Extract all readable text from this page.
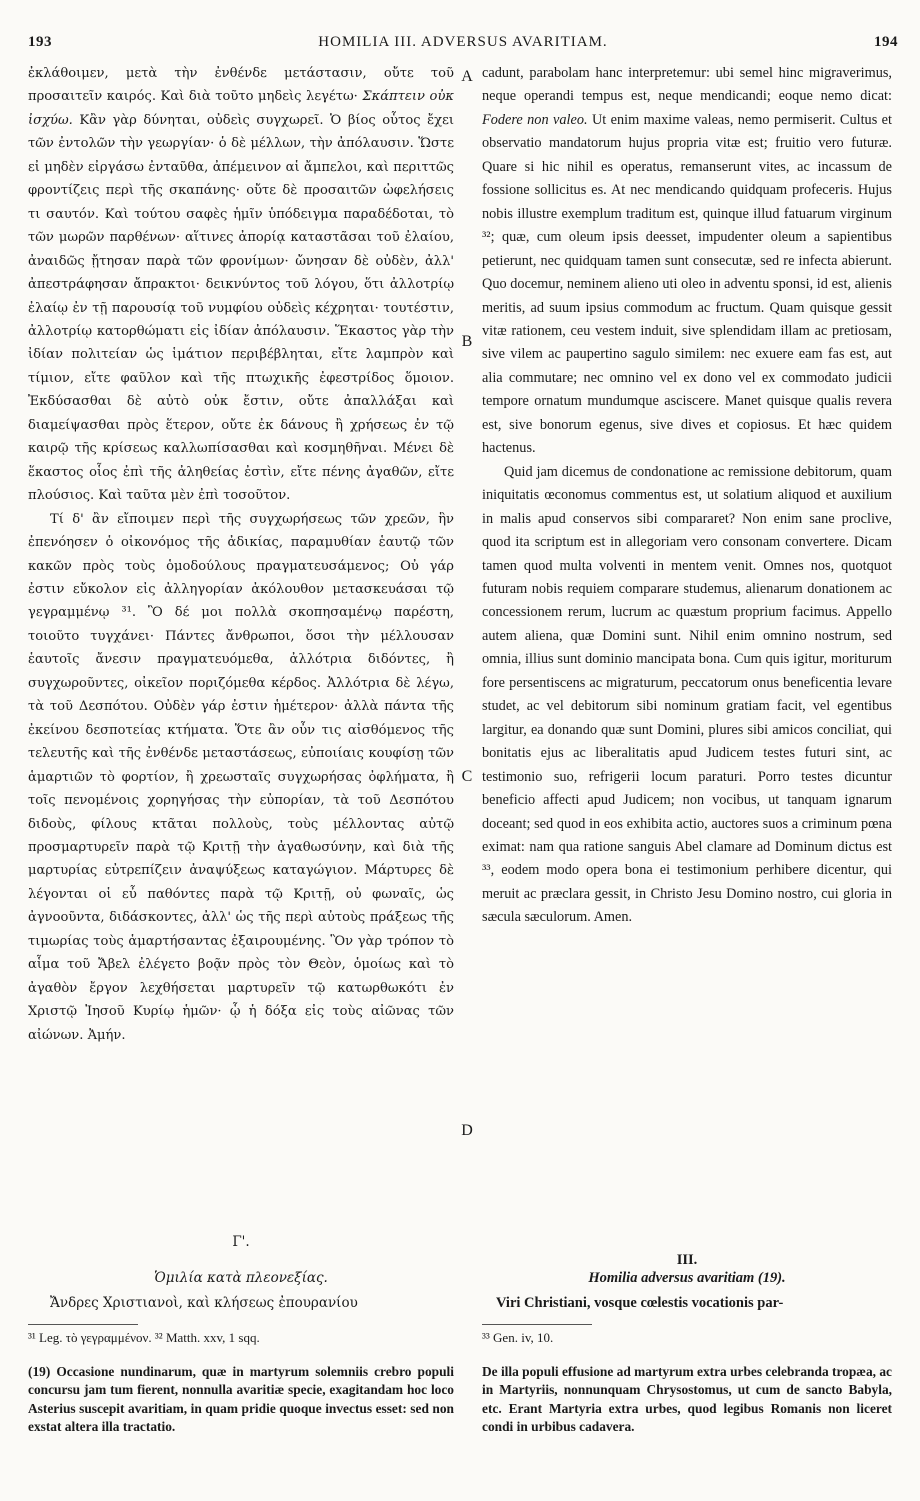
193	HOMILIA III. ADVERSUS AVARITIAM.	194
A
B
C
D

ἐκλάθοιμεν, μετὰ τὴν ἐνθένδε μετάστασιν, οὔτε τοῦ προσαιτεῖν καιρός. Καὶ διὰ τοῦτο μηδεὶς λεγέτω· Σκάπτειν οὐκ ἰσχύω. Κἂν γὰρ δύνηται, οὐδεὶς συγχωρεῖ. Ὁ βίος οὗτος ἔχει τῶν ἐντολῶν τὴν γεωργίαν· ὁ δὲ μέλλων, τὴν ἀπόλαυσιν. Ὥστε εἰ μηδὲν εἰργάσω ἐνταῦθα, ἀπέμεινον αἱ ἄμπελοι, καὶ περιττῶς φροντίζεις περὶ τῆς σκαπάνης· οὔτε δὲ προσαιτῶν ὠφελήσεις τι σαυτόν. Καὶ τούτου σαφὲς ἡμῖν ὑπόδειγμα παραδέδοται, τὸ τῶν μωρῶν παρθένων· αἵτινες ἀπορίᾳ καταστᾶσαι τοῦ ἐλαίου, ἀναιδῶς ᾔτησαν παρὰ τῶν φρονίμων· ὤνησαν δὲ οὐδὲν, ἀλλ' ἀπεστράφησαν ἄπρακτοι· δεικνύντος τοῦ λόγου, ὅτι ἀλλοτρίῳ ἐλαίῳ ἐν τῇ παρουσίᾳ τοῦ νυμφίου οὐδεὶς κέχρηται· τουτέστιν, ἀλλοτρίῳ κατορθώματι εἰς ἰδίαν ἀπόλαυσιν. Ἕκαστος γὰρ τὴν ἰδίαν πολιτείαν ὡς ἱμάτιον περιβέβληται, εἴτε λαμπρὸν καὶ τίμιον, εἴτε φαῦλον καὶ τῆς πτωχικῆς ἐφεστρίδος ὅμοιον. Ἐκδύσασθαι δὲ αὐτὸ οὐκ ἔστιν, οὔτε ἀπαλλάξαι καὶ διαμείψασθαι πρὸς ἕτερον, οὔτε ἐκ δάνους ἢ χρήσεως ἐν τῷ καιρῷ τῆς κρίσεως καλλωπίσασθαι καὶ κοσμηθῆναι. Μένει δὲ ἕκαστος οἷος ἐπὶ τῆς ἀληθείας ἐστὶν, εἴτε πένης ἀγαθῶν, εἴτε πλούσιος. Καὶ ταῦτα μὲν ἐπὶ τοσοῦτον.

Τί δ' ἂν εἴποιμεν περὶ τῆς συγχωρήσεως τῶν χρεῶν, ἣν ἐπενόησεν ὁ οἰκονόμος τῆς ἀδικίας, παραμυθίαν ἑαυτῷ τῶν κακῶν πρὸς τοὺς ὁμοδούλους πραγματευσάμενος; Οὐ γάρ ἐστιν εὔκολον εἰς ἀλληγορίαν ἀκόλουθον μετασκευάσαι τῷ γεγραμμένῳ ³¹. Ὃ δέ μοι πολλὰ σκοπησαμένῳ παρέστη, τοιοῦτο τυγχάνει· Πάντες ἄνθρωποι, ὅσοι τὴν μέλλουσαν ἑαυτοῖς ἄνεσιν πραγματευόμεθα, ἀλλότρια διδόντες, ἢ συγχωροῦντες, οἰκεῖον ποριζόμεθα κέρδος. Ἀλλότρια δὲ λέγω, τὰ τοῦ Δεσπότου. Οὐδὲν γάρ ἐστιν ἡμέτερον· ἀλλὰ πάντα τῆς ἐκείνου δεσποτείας κτήματα. Ὅτε ἂν οὖν τις αἰσθόμενος τῆς τελευτῆς καὶ τῆς ἐνθένδε μεταστάσεως, εὐποιίαις κουφίσῃ τῶν ἁμαρτιῶν τὸ φορτίον, ἢ χρεωσταῖς συγχωρήσας ὀφλήματα, ἢ τοῖς πενομένοις χορηγήσας τὴν εὐπορίαν, τὰ τοῦ Δεσπότου διδοὺς, φίλους κτᾶται πολλοὺς, τοὺς μέλλοντας αὐτῷ προσμαρτυρεῖν παρὰ τῷ Κριτῇ τὴν ἀγαθωσύνην, καὶ διὰ τῆς μαρτυρίας εὐτρεπίζειν ἀναψύξεως καταγώγιον. Μάρτυρες δὲ λέγονται οἱ εὖ παθόντες παρὰ τῷ Κριτῇ, οὐ φωναῖς, ὡς ἀγνοοῦντα, διδάσκοντες, ἀλλ' ὡς τῆς περὶ αὐτοὺς πράξεως τῆς τιμωρίας τοὺς ἁμαρτήσαντας ἐξαιρουμένης. Ὃν γὰρ τρόπον τὸ αἷμα τοῦ Ἄβελ ἐλέγετο βοᾷν πρὸς τὸν Θεὸν, ὁμοίως καὶ τὸ ἀγαθὸν ἔργον λεχθήσεται μαρτυρεῖν τῷ κατωρθωκότι ἐν Χριστῷ Ἰησοῦ Κυρίῳ ἡμῶν· ᾧ ἡ δόξα εἰς τοὺς αἰῶνας τῶν αἰώνων. Ἀμήν.

cadunt, parabolam hanc interpretemur: ubi semel hinc migraverimus, neque operandi tempus est, neque mendicandi; eoque nemo dicat: Fodere non valeo. Ut enim maxime valeas, nemo permiserit. Cultus et observatio mandatorum hujus propria vitæ est; fruitio vero futuræ. Quare si hic nihil es operatus, remanserunt vites, ac incassum de fossione sollicitus es. At nec mendicando quidquam profeceris. Hujus nobis illustre exemplum traditum est, quinque illud fatuarum virginum ³²; quæ, cum oleum ipsis deesset, impudenter oleum a sapientibus petierunt, nec quidquam tamen sunt consecutæ, sed re infecta abierunt. Quo docemur, neminem alieno uti oleo in adventu sponsi, id est, alienis meritis, ad suum ipsius commodum ac fructum. Quam quisque gessit vitæ rationem, ceu vestem induit, sive splendidam illam ac pretiosam, sive vilem ac paupertino sagulo similem: nec exuere eam fas est, aut alia commutare; nec omnino vel ex dono vel ex commodato judicii tempore ornatum mundumque asciscere. Manet quisque qualis revera est, sive bonorum egenus, sive dives et copiosus. Et hæc quidem hactenus.

Quid jam dicemus de condonatione ac remissione debitorum, quam iniquitatis œconomus commentus est, ut solatium aliquod et auxilium in malis apud conservos sibi compararet? Non enim sane proclive, quod ita scriptum est in allegoriam vero consonam convertere. Dicam tamen quod multa volventi in mentem venit. Omnes nos, quotquot futuram nobis requiem comparare studemus, alienarum donationem ac concessionem rerum, lucrum ac quæstum proprium facimus. Appello autem aliena, quæ Domini sunt. Nihil enim omnino nostrum, sed omnia, illius sunt dominio mancipata bona. Cum quis igitur, moriturum fore persentiscens ac migraturum, peccatorum onus beneficentia levare studet, ac vel debitorum sibi nominum gratiam facit, vel egentibus largitur, ea donando quæ sunt Domini, plures sibi amicos conciliat, qui bonitatis ejus ac liberalitatis apud Judicem testes futuri sint, ac testimonio suo, refrigerii locum paraturi. Porro testes dicuntur beneficio affecti apud Judicem; non vocibus, ut tanquam ignarum doceant; sed quod in eos exhibita actio, auctores suos a criminum pœna eximat: nam qua ratione sanguis Abel clamare ad Dominum dictus est ³³, eodem modo opera bona ei testimonium perhibere dicentur, qui meruit ac præclara gessit, in Christo Jesu Domino nostro, cui gloria in sæcula sæculorum. Amen.

Γ'.
Ὁμιλία κατὰ πλεονεξίας.
Ἄνδρες Χριστιανοὶ, καὶ κλήσεως ἐπουρανίου
III.
Homilia adversus avaritiam (19).
Viri Christiani, vosque cœlestis vocationis par-
³¹ Leg. τὸ γεγραμμένον. ³² Matth. xxv, 1 sqq.	³³ Gen. iv, 10.
(19) Occasione nundinarum, quæ in martyrum solemniis crebro populi concursu jam tum fierent, nonnulla avaritiæ specie, exagitandam hoc loco Asterius suscepit avaritiam, in quam pridie quoque invectus esset: sed non exstat altera illa tractatio.
De illa populi effusione ad martyrum extra urbes celebranda tropæa, ac in Martyriis, nonnunquam Chrysostomus, ut cum de sancto Babyla, etc. Erant Martyria extra urbes, quod legibus Romanis non liceret condi in urbibus cadavera.
